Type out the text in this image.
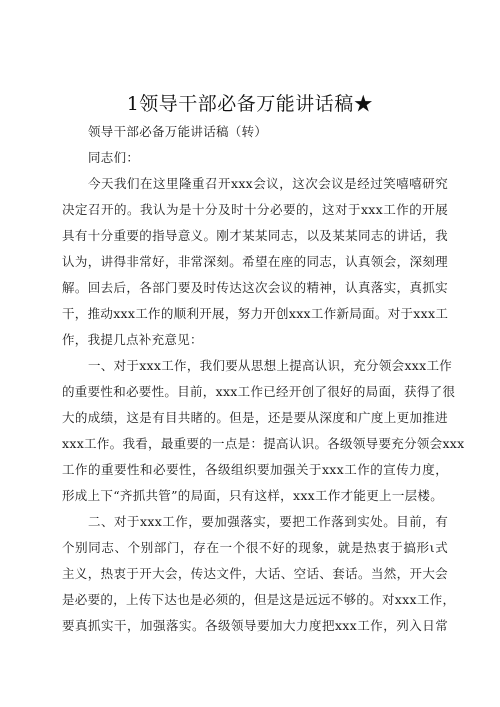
1领导干部必备万能讲话稿★
领导干部必备万能讲话稿（转）
同志们：
今天我们在这里隆重召开xxx会议，这次会议是经过笑嘻嘻研究
决定召开的。我认为是十分及时十分必要的，这对于xxx工作的开展
具有十分重要的指导意义。刚才某某同志，以及某某同志的讲话，我
认为，讲得非常好，非常深刻。希望在座的同志，认真领会，深刻理
解。回去后，各部门要及时传达这次会议的精神，认真落实，真抓实
干，推动xxx工作的顺利开展，努力开创xxx工作新局面。对于xxx工
作，我提几点补充意见：
一、对于xxx工作，我们要从思想上提高认识，充分领会xxx工作
的重要性和必要性。目前，xxx工作已经开创了很好的局面，获得了很
大的成绩，这是有目共睹的。但是，还是要从深度和广度上更加推进
xxx工作。我看，最重要的一点是：提高认识。各级领导要充分领会xxx
工作的重要性和必要性，各级组织要加强关于xxx工作的宣传力度，
形成上下“齐抓共管”的局面，只有这样，xxx工作才能更上一层楼。
二、对于xxx工作，要加强落实，要把工作落到实处。目前，有
个别同志、个别部门，存在一个很不好的现象，就是热衷于搞形ι式
主义，热衷于开大会，传达文件，大话、空话、套话。当然，开大会
是必要的，上传下达也是必须的，但是这是远远不够的。对xxx工作，
要真抓实干，加强落实。各级领导要加大力度把xxx工作，列入日常
